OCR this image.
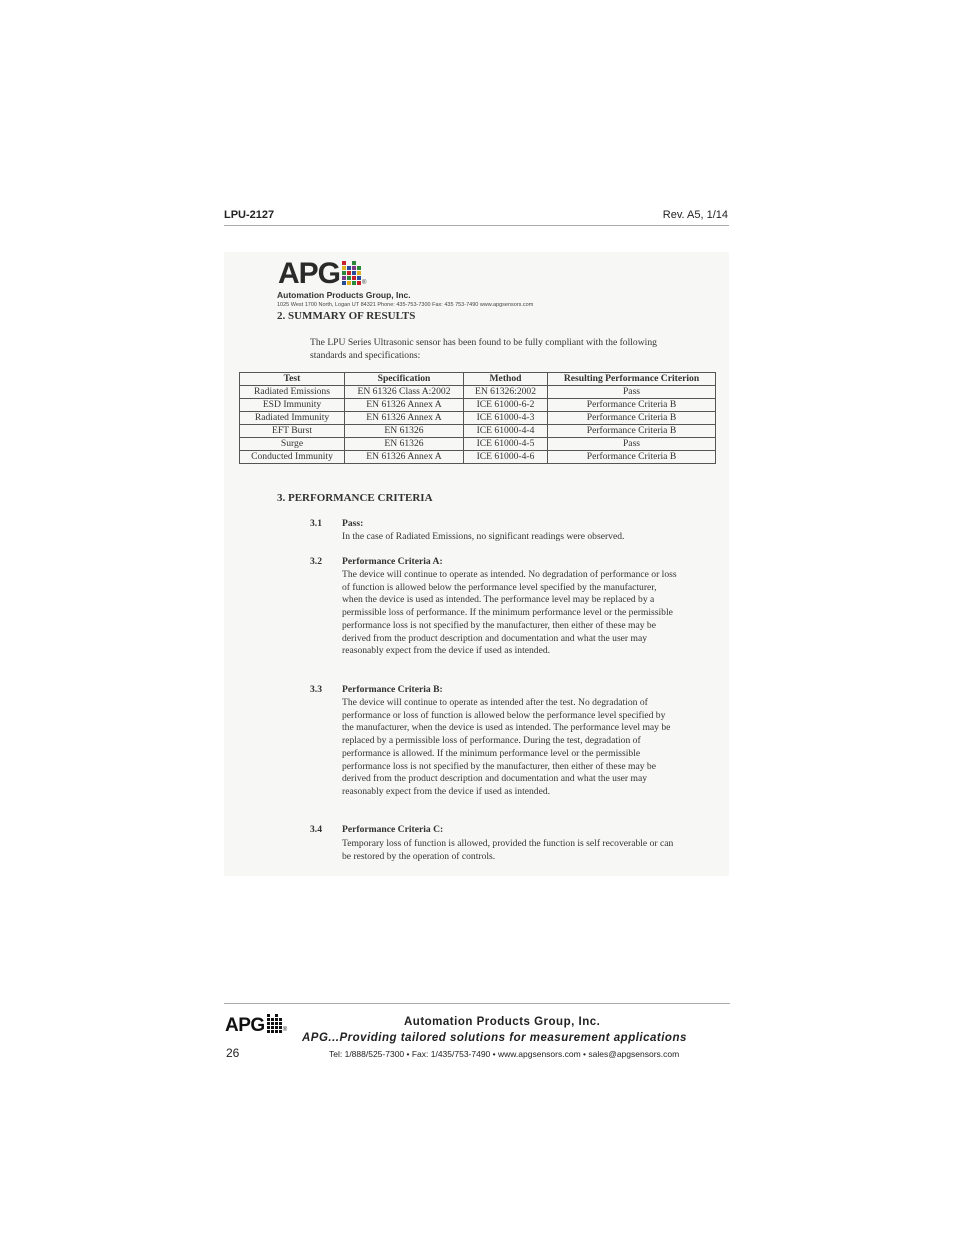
LPU-2127	Rev. A5, 1/14
APG	®
Automation Products Group, Inc.
1025 West 1700 North, Logan UT 84321 Phone: 435-753-7300 Fax: 435 753-7490 www.apgsensors.com
2. SUMMARY OF RESULTS
The LPU Series Ultrasonic sensor has been found to be fully compliant with the following standards and specifications:
Test	Specification	Method	Resulting Performance Criterion
Radiated Emissions	EN 61326 Class A:2002	EN 61326:2002	Pass
ESD Immunity	EN 61326 Annex A	ICE 61000-6-2	Performance Criteria B
Radiated Immunity	EN 61326 Annex A	ICE 61000-4-3	Performance Criteria B
EFT Burst	EN 61326	ICE 61000-4-4	Performance Criteria B
Surge	EN 61326	ICE 61000-4-5	Pass
Conducted Immunity	EN 61326 Annex A	ICE 61000-4-6	Performance Criteria B
3. PERFORMANCE CRITERIA
3.1 Pass:
In the case of Radiated Emissions, no significant readings were observed.
3.2 Performance Criteria A:
The device will continue to operate as intended. No degradation of performance or loss of function is allowed below the performance level specified by the manufacturer, when the device is used as intended. The performance level may be replaced by a permissible loss of performance. If the minimum performance level or the permissible performance loss is not specified by the manufacturer, then either of these may be derived from the product description and documentation and what the user may reasonably expect from the device if used as intended.
3.3 Performance Criteria B:
The device will continue to operate as intended after the test. No degradation of performance or loss of function is allowed below the performance level specified by the manufacturer, when the device is used as intended. The performance level may be replaced by a permissible loss of performance. During the test, degradation of performance is allowed. If the minimum performance level or the permissible performance loss is not specified by the manufacturer, then either of these may be derived from the product description and documentation and what the user may reasonably expect from the device if used as intended.
3.4 Performance Criteria C:
Temporary loss of function is allowed, provided the function is self recoverable or can be restored by the operation of controls.
APG	®
Automation Products Group, Inc.
APG...Providing tailored solutions for measurement applications
26	Tel: 1/888/525-7300 • Fax: 1/435/753-7490 • www.apgsensors.com • sales@apgsensors.com
